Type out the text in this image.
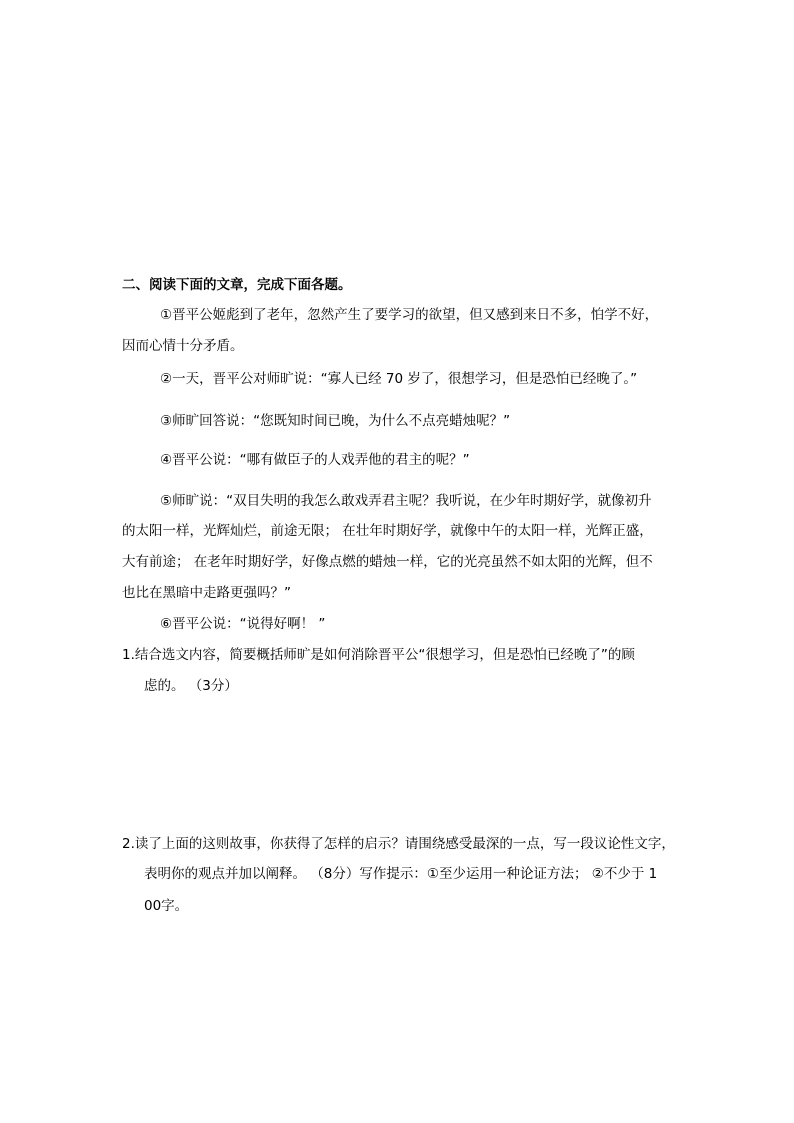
二、阅读下面的文章，完成下面各题。
①晋平公姬彪到了老年，忽然产生了要学习的欲望，但又感到来日不多，怕学不好，
因而心情十分矛盾。
②一天，晋平公对师旷说：“寡人已经 70 岁了，很想学习，但是恐怕已经晚了。”
③师旷回答说：“您既知时间已晚，为什么不点亮蜡烛呢？”
④晋平公说：“哪有做臣子的人戏弄他的君主的呢？”
⑤师旷说：“双目失明的我怎么敢戏弄君主呢？我听说，在少年时期好学，就像初升
的太阳一样，光辉灿烂，前途无限； 在壮年时期好学，就像中午的太阳一样，光辉正盛，
大有前途； 在老年时期好学，好像点燃的蜡烛一样，它的光亮虽然不如太阳的光辉，但不
也比在黑暗中走路更强吗？”
⑥晋平公说：“说得好啊！ ”
1.结合选文内容，简要概括师旷是如何消除晋平公“很想学习，但是恐怕已经晚了”的顾
虑的。 （3分）
2.读了上面的这则故事，你获得了怎样的启示？请围绕感受最深的一点，写一段议论性文字，
表明你的观点并加以阐释。 （8分）写作提示：①至少运用一种论证方法； ②不少于 1
00字。
